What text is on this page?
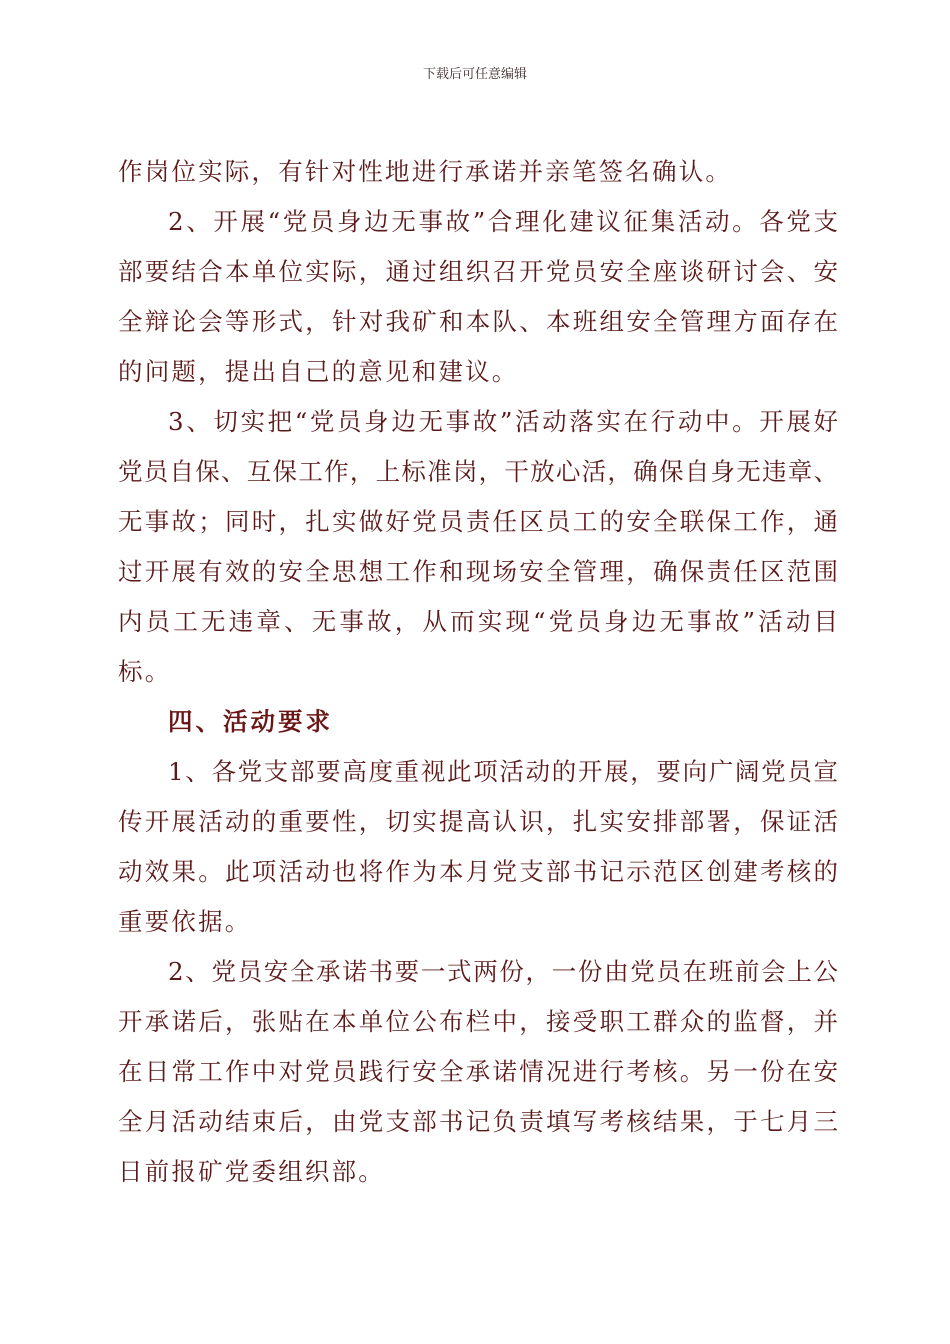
下载后可任意编辑
作岗位实际，有针对性地进行承诺并亲笔签名确认。
2、开展“党员身边无事故”合理化建议征集活动。各党支
部要结合本单位实际，通过组织召开党员安全座谈研讨会、安
全辩论会等形式，针对我矿和本队、本班组安全管理方面存在
的问题，提出自己的意见和建议。
3、切实把“党员身边无事故”活动落实在行动中。开展好
党员自保、互保工作，上标准岗，干放心活，确保自身无违章、
无事故；同时，扎实做好党员责任区员工的安全联保工作，通
过开展有效的安全思想工作和现场安全管理，确保责任区范围
内员工无违章、无事故，从而实现“党员身边无事故”活动目
标。
四、活动要求
1、各党支部要高度重视此项活动的开展，要向广阔党员宣
传开展活动的重要性，切实提高认识，扎实安排部署，保证活
动效果。此项活动也将作为本月党支部书记示范区创建考核的
重要依据。
2、党员安全承诺书要一式两份，一份由党员在班前会上公
开承诺后，张贴在本单位公布栏中，接受职工群众的监督，并
在日常工作中对党员践行安全承诺情况进行考核。另一份在安
全月活动结束后，由党支部书记负责填写考核结果，于七月三
日前报矿党委组织部。
